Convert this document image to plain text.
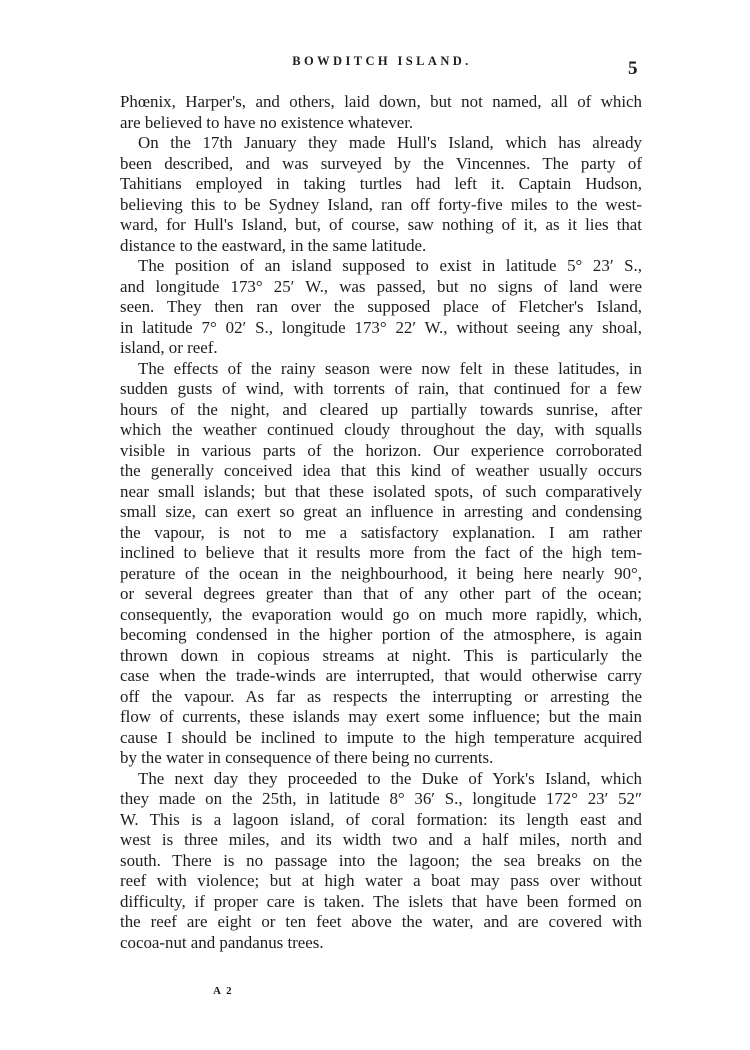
BOWDITCH ISLAND.	5
Phœnix, Harper's, and others, laid down, but not named, all of which
are believed to have no existence whatever.
On the 17th January they made Hull's Island, which has already
been described, and was surveyed by the Vincennes. The party of
Tahitians employed in taking turtles had left it. Captain Hudson,
believing this to be Sydney Island, ran off forty-five miles to the west-
ward, for Hull's Island, but, of course, saw nothing of it, as it lies that
distance to the eastward, in the same latitude.
The position of an island supposed to exist in latitude 5° 23′ S.,
and longitude 173° 25′ W., was passed, but no signs of land were
seen. They then ran over the supposed place of Fletcher's Island,
in latitude 7° 02′ S., longitude 173° 22′ W., without seeing any shoal,
island, or reef.
The effects of the rainy season were now felt in these latitudes, in
sudden gusts of wind, with torrents of rain, that continued for a few
hours of the night, and cleared up partially towards sunrise, after
which the weather continued cloudy throughout the day, with squalls
visible in various parts of the horizon. Our experience corroborated
the generally conceived idea that this kind of weather usually occurs
near small islands; but that these isolated spots, of such comparatively
small size, can exert so great an influence in arresting and condensing
the vapour, is not to me a satisfactory explanation. I am rather
inclined to believe that it results more from the fact of the high tem-
perature of the ocean in the neighbourhood, it being here nearly 90°,
or several degrees greater than that of any other part of the ocean;
consequently, the evaporation would go on much more rapidly, which,
becoming condensed in the higher portion of the atmosphere, is again
thrown down in copious streams at night. This is particularly the
case when the trade-winds are interrupted, that would otherwise carry
off the vapour. As far as respects the interrupting or arresting the
flow of currents, these islands may exert some influence; but the main
cause I should be inclined to impute to the high temperature acquired
by the water in consequence of there being no currents.
The next day they proceeded to the Duke of York's Island, which
they made on the 25th, in latitude 8° 36′ S., longitude 172° 23′ 52″
W. This is a lagoon island, of coral formation: its length east and
west is three miles, and its width two and a half miles, north and
south. There is no passage into the lagoon; the sea breaks on the
reef with violence; but at high water a boat may pass over without
difficulty, if proper care is taken. The islets that have been formed on
the reef are eight or ten feet above the water, and are covered with
cocoa-nut and pandanus trees.
A 2
